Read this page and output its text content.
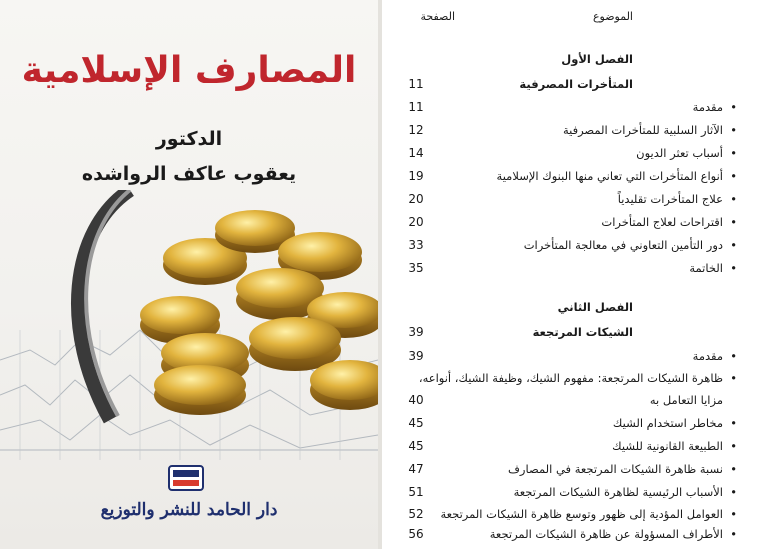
المصارف الإسلامية
الدكتور
يعقوب عاكف الرواشده
دار الحامد للنشر والتوزيع
الموضوع
الصفحة
الفصل الأول
المتأخرات المصرفية
11
• مقدمة
11
• الآثار السلبية للمتأخرات المصرفية
12
• أسباب تعثر الديون
14
• أنواع المتأخرات التي تعاني منها البنوك الإسلامية
19
• علاج المتأخرات تقليدياً
20
• اقتراحات لعلاج المتأخرات
20
• دور التأمين التعاوني في معالجة المتأخرات
33
• الخاتمة
35
الفصل الثاني
الشيكات المرتجعة
39
• مقدمة
39
• ظاهرة الشيكات المرتجعة: مفهوم الشيك، وظيفة الشيك، أنواعه،
مزايا التعامل به
40
• مخاطر استخدام الشيك
45
• الطبيعة القانونية للشيك
45
• نسبة ظاهرة الشيكات المرتجعة في المصارف
47
• الأسباب الرئيسية لظاهرة الشيكات المرتجعة
51
• العوامل المؤدية إلى ظهور وتوسع ظاهرة الشيكات المرتجعة
52
• الأطراف المسؤولة عن ظاهرة الشيكات المرتجعة
56
